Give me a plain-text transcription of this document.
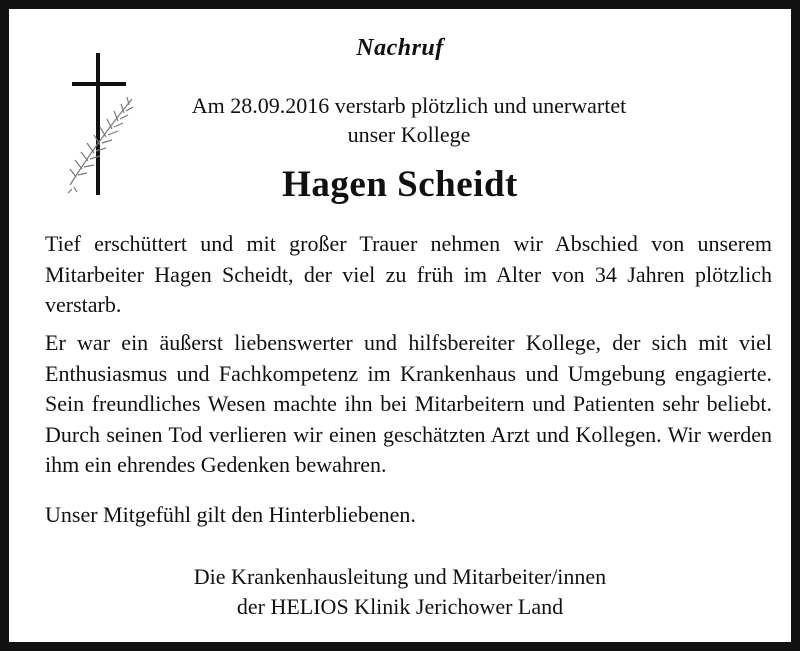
Nachruf
Am 28.09.2016 verstarb plötzlich und unerwartet
unser Kollege
Hagen Scheidt

Tief erschüttert und mit großer Trauer nehmen wir Abschied von unserem Mitarbeiter Hagen Scheidt, der viel zu früh im Alter von 34 Jahren plötzlich verstarb.

Er war ein äußerst liebenswerter und hilfsbereiter Kollege, der sich mit viel Enthusiasmus und Fachkompetenz im Krankenhaus und Umgebung engagierte. Sein freundliches Wesen machte ihn bei Mitarbeitern und Patienten sehr beliebt. Durch seinen Tod verlieren wir einen geschätzten Arzt und Kollegen. Wir werden ihm ein ehrendes Gedenken bewahren.

Unser Mitgefühl gilt den Hinterbliebenen.

Die Krankenhausleitung und Mitarbeiter/innen
der HELIOS Klinik Jerichower Land
